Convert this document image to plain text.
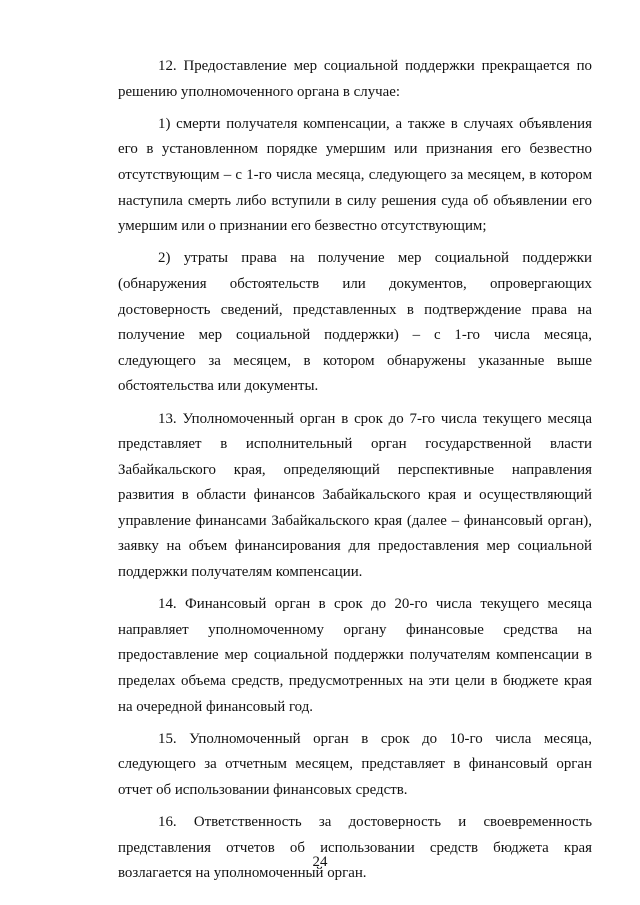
12. Предоставление мер социальной поддержки прекращается по решению уполномоченного органа в случае:

1) смерти получателя компенсации, а также в случаях объявления его в установленном порядке умершим или признания его безвестно отсутствующим – с 1-го числа месяца, следующего за месяцем, в котором наступила смерть либо вступили в силу решения суда об объявлении его умершим или о признании его безвестно отсутствующим;

2) утраты права на получение мер социальной поддержки (обнаружения обстоятельств или документов, опровергающих достоверность сведений, представленных в подтверждение права на получение мер социальной поддержки) – с 1-го числа месяца, следующего за месяцем, в котором обнаружены указанные выше обстоятельства или документы.

13. Уполномоченный орган в срок до 7-го числа текущего месяца представляет в исполнительный орган государственной власти Забайкальского края, определяющий перспективные направления развития в области финансов Забайкальского края и осуществляющий управление финансами Забайкальского края (далее – финансовый орган), заявку на объем финансирования для предоставления мер социальной поддержки получателям компенсации.

14. Финансовый орган в срок до 20-го числа текущего месяца направляет уполномоченному органу финансовые средства на предоставление мер социальной поддержки получателям компенсации в пределах объема средств, предусмотренных на эти цели в бюджете края на очередной финансовый год.

15. Уполномоченный орган в срок до 10-го числа месяца, следующего за отчетным месяцем, представляет в финансовый орган отчет об использовании финансовых средств.

16. Ответственность за достоверность и своевременность представления отчетов об использовании средств бюджета края возлагается на уполномоченный орган.

24
